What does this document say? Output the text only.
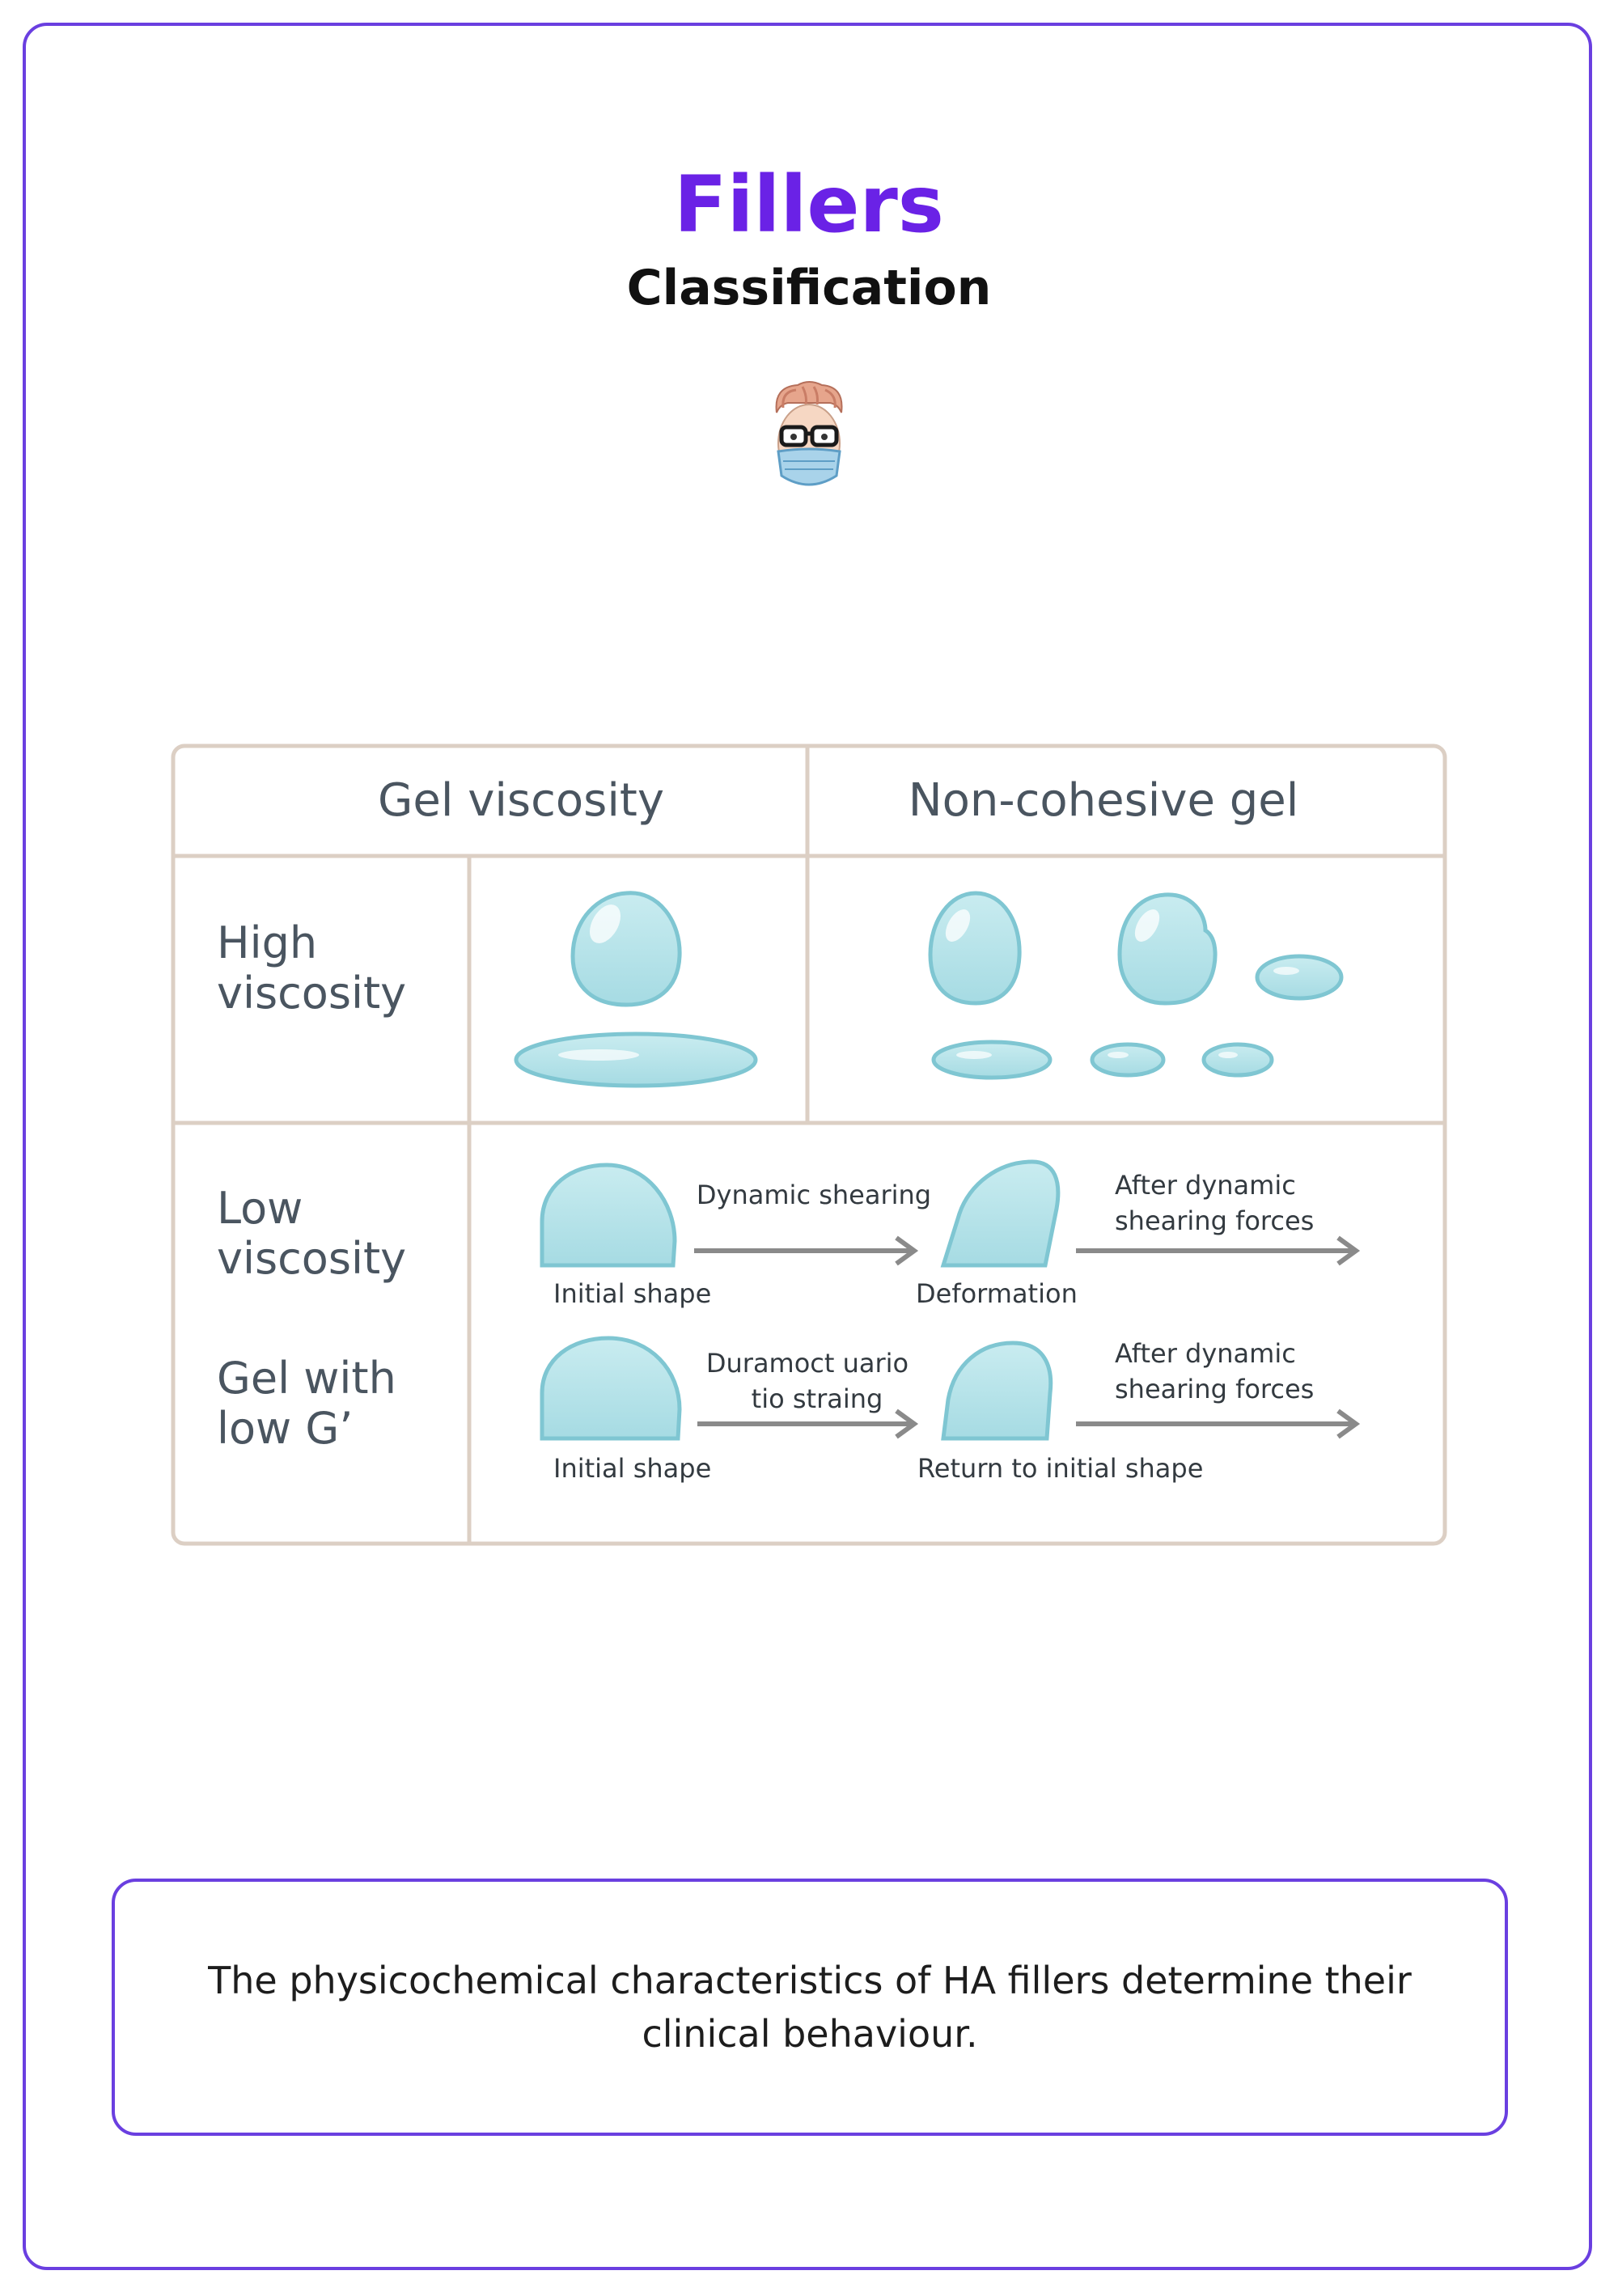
Fillers
Classification
Gel viscosity	Non-cohesive gel
High
viscosity
Low
viscosity
Gel with
low G’
Initial shape
Dynamic shearing
Deformation
After dynamic
shearing forces
Initial shape
Duramoct uario
tio straing
Return to initial shape
After dynamic
shearing forces
The physicochemical characteristics of HA fillers determine their clinical behaviour.
